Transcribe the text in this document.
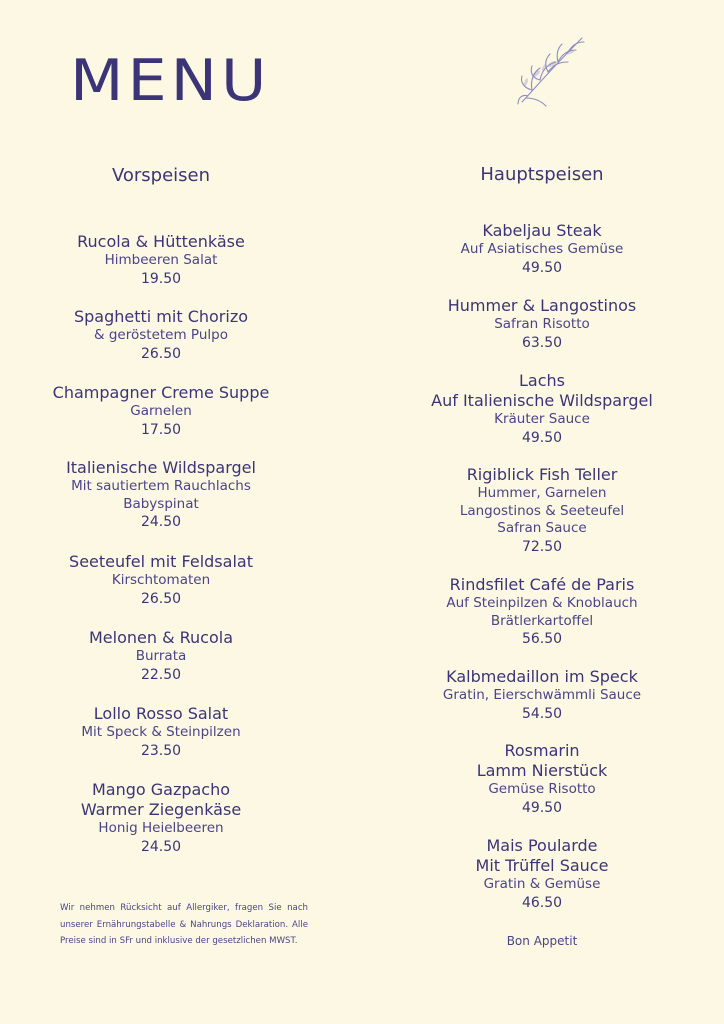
MENU
Vorspeisen
Rucola & Hüttenkäse
Himbeeren Salat
19.50
Spaghetti mit Chorizo
& geröstetem Pulpo
26.50
Champagner Creme Suppe
Garnelen
17.50
Italienische Wildspargel
Mit sautiertem Rauchlachs
Babyspinat
24.50
Seeteufel mit Feldsalat
Kirschtomaten
26.50
Melonen & Rucola
Burrata
22.50
Lollo Rosso Salat
Mit Speck & Steinpilzen
23.50
Mango Gazpacho
Warmer Ziegenkäse
Honig Heielbeeren
24.50
Hauptspeisen
Kabeljau Steak
Auf Asiatisches Gemüse
49.50
Hummer & Langostinos
Safran Risotto
63.50
Lachs
Auf Italienische Wildspargel
Kräuter Sauce
49.50
Rigiblick Fish Teller
Hummer, Garnelen
Langostinos & Seeteufel
Safran Sauce
72.50
Rindsfilet Café de Paris
Auf Steinpilzen & Knoblauch
Brätlerkartoffel
56.50
Kalbmedaillon im Speck
Gratin, Eierschwämmli Sauce
54.50
Rosmarin
Lamm Nierstück
Gemüse Risotto
49.50
Mais Poularde
Mit Trüffel Sauce
Gratin & Gemüse
46.50
Wir nehmen Rücksicht auf Allergiker, fragen Sie nach unserer Ernährungstabelle & Nahrungs Deklaration. Alle Preise sind in SFr und inklusive der gesetzlichen MWST.	Bon Appetit
